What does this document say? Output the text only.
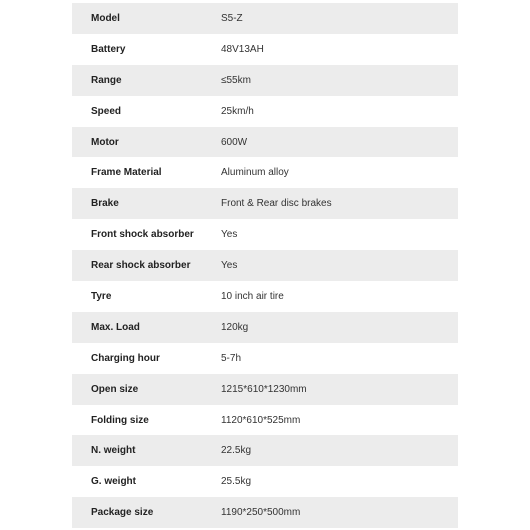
Model	S5-Z
Battery	48V13AH
Range	≤55km
Speed	25km/h
Motor	600W
Frame Material	Aluminum alloy
Brake	Front & Rear disc brakes
Front shock absorber	Yes
Rear shock absorber	Yes
Tyre	10 inch air tire
Max. Load	120kg
Charging hour	5-7h
Open size	1215*610*1230mm
Folding size	1120*610*525mm
N. weight	22.5kg
G. weight	25.5kg
Package size	1190*250*500mm
